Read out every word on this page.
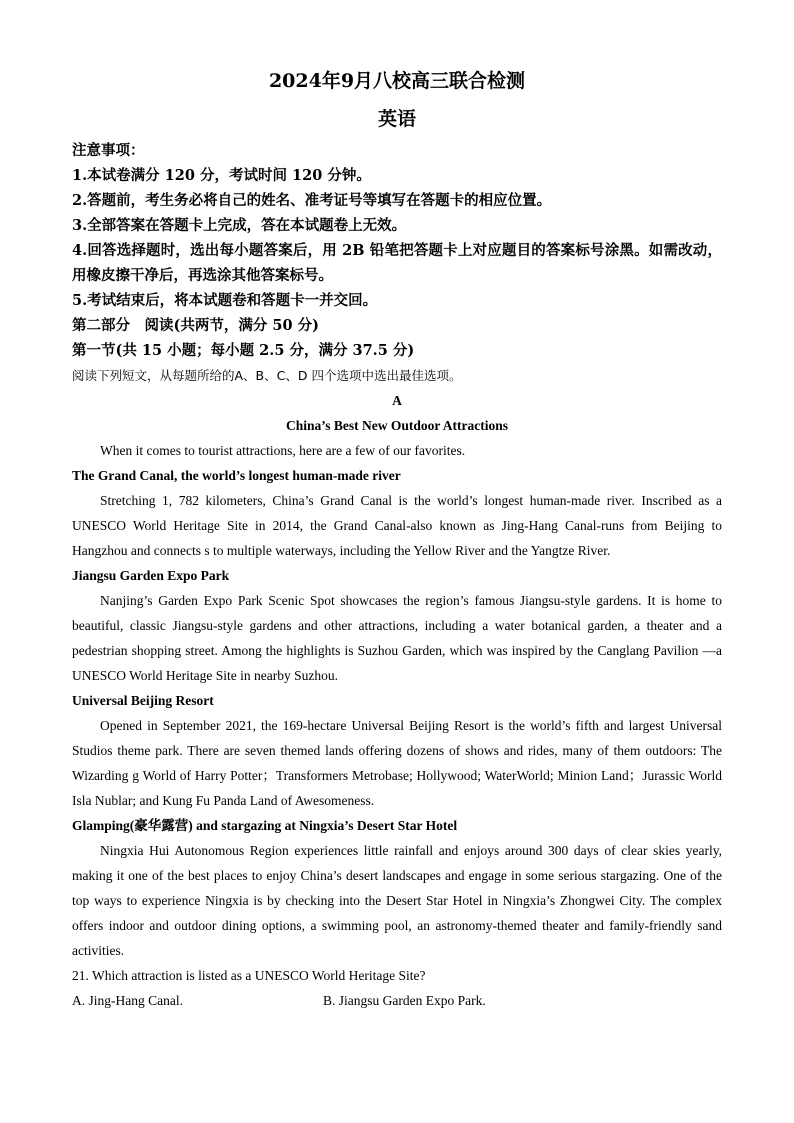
2024年9月八校高三联合检测
英语
注意事项：
1.本试卷满分 120 分，考试时间 120 分钟。
2.答题前，考生务必将自己的姓名、准考证号等填写在答题卡的相应位置。
3.全部答案在答题卡上完成，答在本试题卷上无效。
4.回答选择题时，选出每小题答案后，用 2B 铅笔把答题卡上对应题目的答案标号涂黑。如需改动，用橡皮擦干净后，再选涂其他答案标号。
5.考试结束后，将本试题卷和答题卡一并交回。
第二部分　阅读(共两节，满分 50 分)
第一节(共 15 小题；每小题 2.5 分，满分 37.5 分)

阅读下列短文，从每题所给的A、B、C、D 四个选项中选出最佳选项。

A

China’s Best New Outdoor Attractions

When it comes to tourist attractions, here are a few of our favorites.

The Grand Canal, the world’s longest human-made river

Stretching 1, 782 kilometers, China’s Grand Canal is the world’s longest human-made river. Inscribed as a UNESCO World Heritage Site in 2014, the Grand Canal-also known as Jing-Hang Canal-runs from Beijing to Hangzhou and connects s to multiple waterways, including the Yellow River and the Yangtze River.

Jiangsu Garden Expo Park

Nanjing’s Garden Expo Park Scenic Spot showcases the region’s famous Jiangsu-style gardens. It is home to beautiful, classic Jiangsu-style gardens and other attractions, including a water botanical garden, a theater and a pedestrian shopping street. Among the highlights is Suzhou Garden, which was inspired by the Canglang Pavilion —a UNESCO World Heritage Site in nearby Suzhou.

Universal Beijing Resort

Opened in September 2021, the 169-hectare Universal Beijing Resort is the world’s fifth and largest Universal Studios theme park. There are seven themed lands offering dozens of shows and rides, many of them outdoors: The Wizarding g World of Harry Potter；Transformers Metrobase; Hollywood; WaterWorld; Minion Land；Jurassic World Isla Nublar; and Kung Fu Panda Land of Awesomeness.

Glamping(豪华露营) and stargazing at Ningxia’s Desert Star Hotel

Ningxia Hui Autonomous Region experiences little rainfall and enjoys around 300 days of clear skies yearly, making it one of the best places to enjoy China’s desert landscapes and engage in some serious stargazing. One of the top ways to experience Ningxia is by checking into the Desert Star Hotel in Ningxia’s Zhongwei City. The complex offers indoor and outdoor dining options, a swimming pool, an astronomy-themed theater and family-friendly sand activities.

21. Which attraction is listed as a UNESCO World Heritage Site?

A. Jing-Hang Canal.	B. Jiangsu Garden Expo Park.
